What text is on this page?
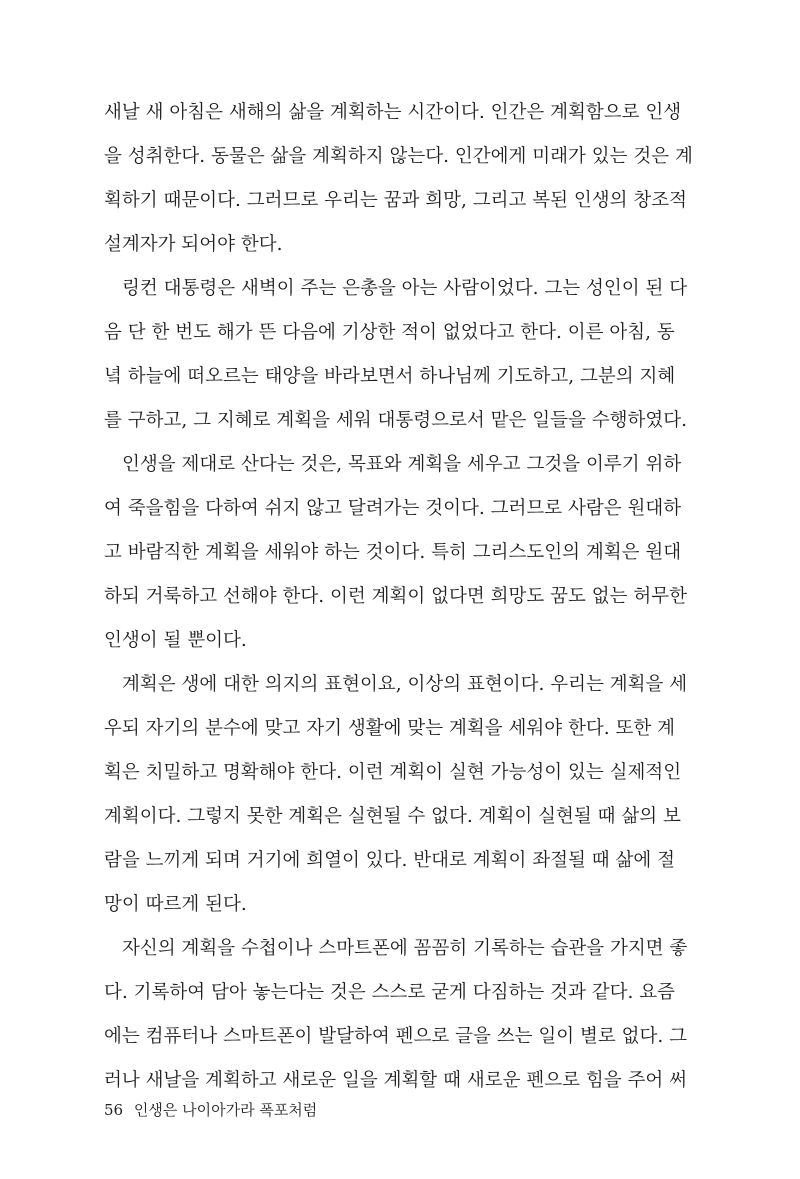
새날 새 아침은 새해의 삶을 계획하는 시간이다. 인간은 계획함으로 인생
을 성취한다. 동물은 삶을 계획하지 않는다. 인간에게 미래가 있는 것은 계
획하기 때문이다. 그러므로 우리는 꿈과 희망, 그리고 복된 인생의 창조적
설계자가 되어야 한다.
링컨 대통령은 새벽이 주는 은총을 아는 사람이었다. 그는 성인이 된 다
음 단 한 번도 해가 뜬 다음에 기상한 적이 없었다고 한다. 이른 아침, 동
녘 하늘에 떠오르는 태양을 바라보면서 하나님께 기도하고, 그분의 지혜
를 구하고, 그 지혜로 계획을 세워 대통령으로서 맡은 일들을 수행하였다.
인생을 제대로 산다는 것은, 목표와 계획을 세우고 그것을 이루기 위하
여 죽을힘을 다하여 쉬지 않고 달려가는 것이다. 그러므로 사람은 원대하
고 바람직한 계획을 세워야 하는 것이다. 특히 그리스도인의 계획은 원대
하되 거룩하고 선해야 한다. 이런 계획이 없다면 희망도 꿈도 없는 허무한
인생이 될 뿐이다.
계획은 생에 대한 의지의 표현이요, 이상의 표현이다. 우리는 계획을 세
우되 자기의 분수에 맞고 자기 생활에 맞는 계획을 세워야 한다. 또한 계
획은 치밀하고 명확해야 한다. 이런 계획이 실현 가능성이 있는 실제적인
계획이다. 그렇지 못한 계획은 실현될 수 없다. 계획이 실현될 때 삶의 보
람을 느끼게 되며 거기에 희열이 있다. 반대로 계획이 좌절될 때 삶에 절
망이 따르게 된다.
자신의 계획을 수첩이나 스마트폰에 꼼꼼히 기록하는 습관을 가지면 좋
다. 기록하여 담아 놓는다는 것은 스스로 굳게 다짐하는 것과 같다. 요즘
에는 컴퓨터나 스마트폰이 발달하여 펜으로 글을 쓰는 일이 별로 없다. 그
러나 새날을 계획하고 새로운 일을 계획할 때 새로운 펜으로 힘을 주어 써
56 인생은 나이아가라 폭포처럼
